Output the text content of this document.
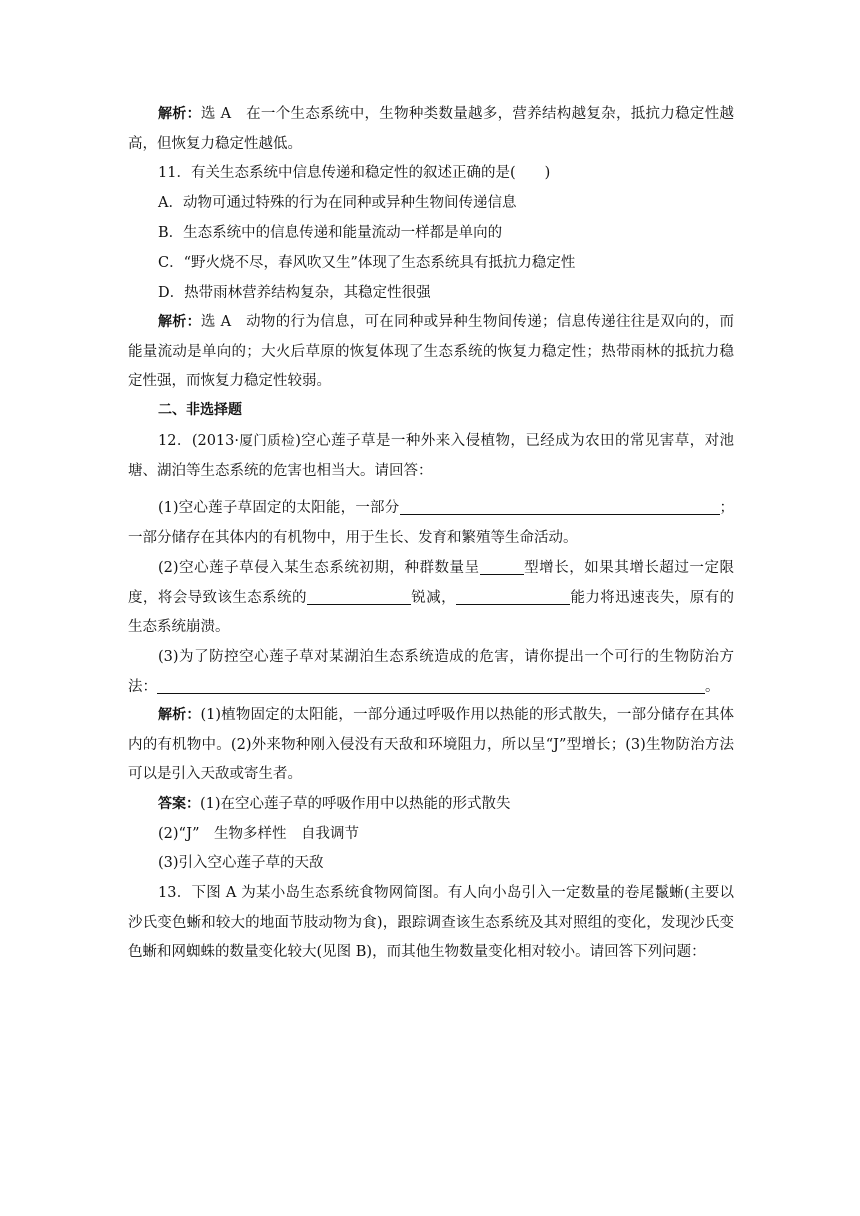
解析：选 A　在一个生态系统中，生物种类数量越多，营养结构越复杂，抵抗力稳定性越高，但恢复力稳定性越低。

11．有关生态系统中信息传递和稳定性的叙述正确的是(　　)

A．动物可通过特殊的行为在同种或异种生物间传递信息

B．生态系统中的信息传递和能量流动一样都是单向的

C．“野火烧不尽，春风吹又生”体现了生态系统具有抵抗力稳定性

D．热带雨林营养结构复杂，其稳定性很强

解析：选 A　动物的行为信息，可在同种或异种生物间传递；信息传递往往是双向的，而能量流动是单向的；大火后草原的恢复体现了生态系统的恢复力稳定性；热带雨林的抵抗力稳定性强，而恢复力稳定性较弱。

二、非选择题

12．(2013·厦门质检)空心莲子草是一种外来入侵植物，已经成为农田的常见害草，对池塘、湖泊等生态系统的危害也相当大。请回答：

(1)空心莲子草固定的太阳能，一部分	；一部分储存在其体内的有机物中，用于生长、发育和繁殖等生命活动。

(2)空心莲子草侵入某生态系统初期，种群数量呈	型增长，如果其增长超过一定限度，将会导致该生态系统的	锐减，	能力将迅速丧失，原有的生态系统崩溃。

(3)为了防控空心莲子草对某湖泊生态系统造成的危害，请你提出一个可行的生物防治方法：	。

解析：(1)植物固定的太阳能，一部分通过呼吸作用以热能的形式散失，一部分储存在其体内的有机物中。(2)外来物种刚入侵没有天敌和环境阻力，所以呈“J”型增长；(3)生物防治方法可以是引入天敌或寄生者。

答案：(1)在空心莲子草的呼吸作用中以热能的形式散失

(2)“J”　生物多样性　自我调节

(3)引入空心莲子草的天敌

13．下图 A 为某小岛生态系统食物网简图。有人向小岛引入一定数量的卷尾鬣蜥(主要以沙氏变色蜥和较大的地面节肢动物为食)，跟踪调查该生态系统及其对照组的变化，发现沙氏变色蜥和网蜘蛛的数量变化较大(见图 B)，而其他生物数量变化相对较小。请回答下列问题：
